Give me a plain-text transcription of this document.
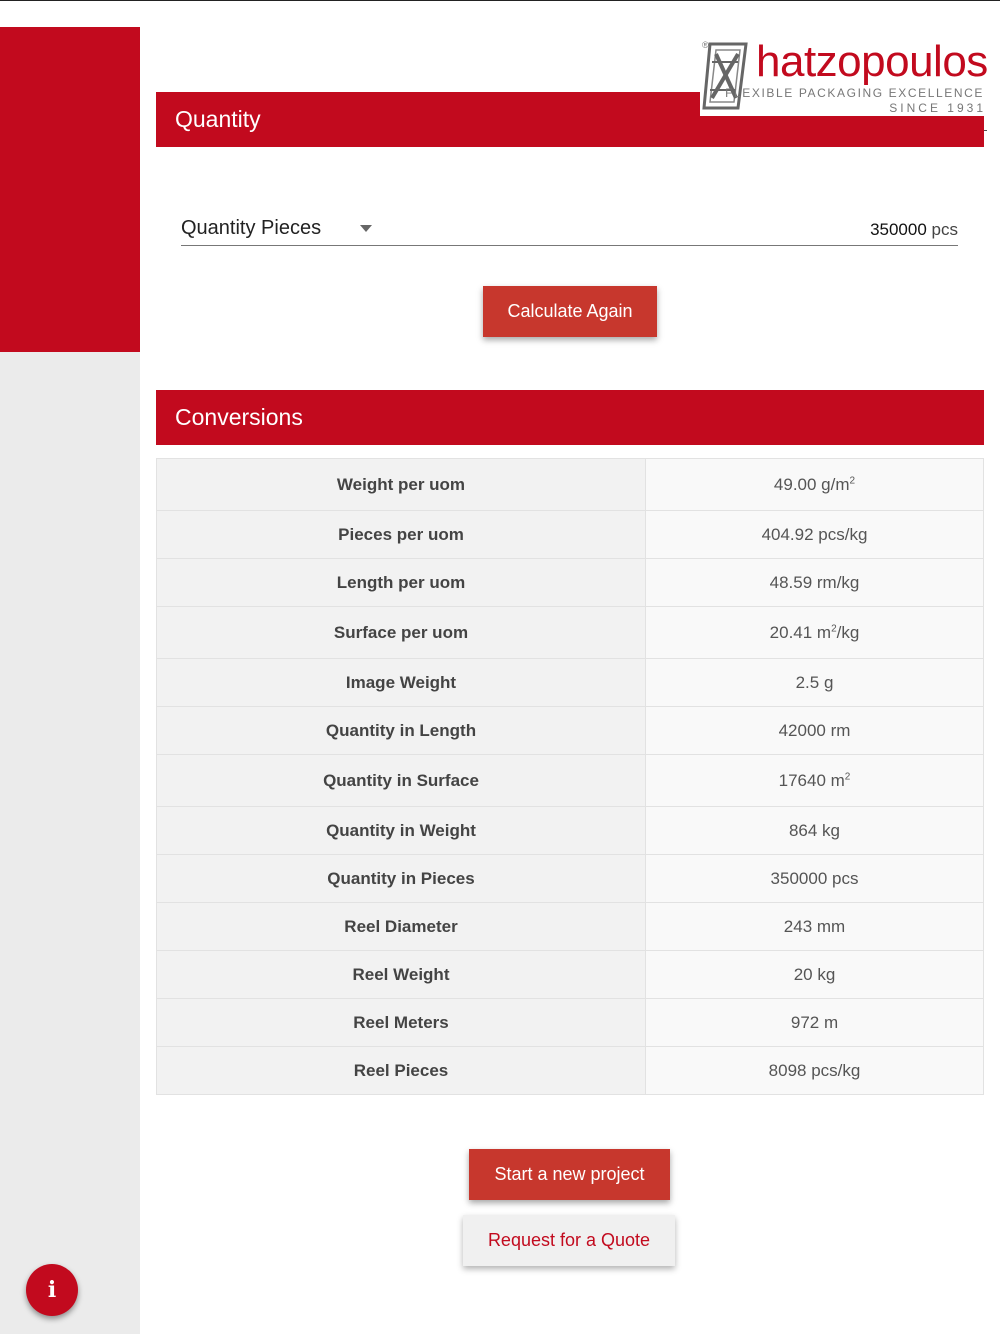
Quantity
® hatzopoulos
FLEXIBLE PACKAGING EXCELLENCE
SINCE 1931
Quantity Pieces	350000 pcs
Calculate Again
Conversions
Weight per uom	49.00 $g/m^2$
Pieces per uom	404.92 pcs/kg
Length per uom	48.59 rm/kg
Surface per uom	20.41 $m^2/kg$
Image Weight	2.5 g
Quantity in Length	42000 rm
Quantity in Surface	17640 $m^2$
Quantity in Weight	864 kg
Quantity in Pieces	350000 pcs
Reel Diameter	243 mm
Reel Weight	20 kg
Reel Meters	972 m
Reel Pieces	8098 pcs/kg
Start a new project
Request for a Quote
i
